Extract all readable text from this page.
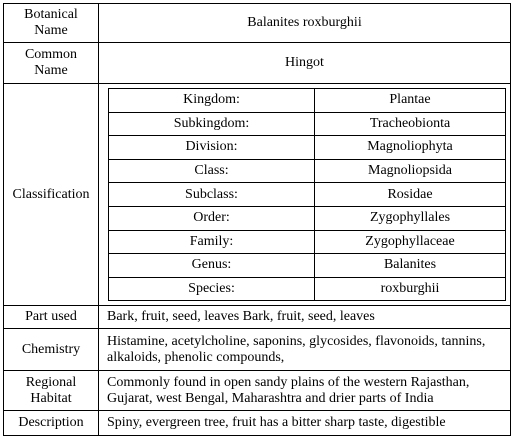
Botanical
Name	Balanites roxburghii
Common
Name	Hingot
Classification	
Kingdom:	Plantae
Subkingdom:	Tracheobionta
Division:	Magnoliophyta
Class:	Magnoliopsida
Subclass:	Rosidae
Order:	Zygophyllales
Family:	Zygophyllaceae
Genus:	Balanites
Species:	roxburghii

Part used	Bark, fruit, seed, leaves Bark, fruit, seed, leaves
Chemistry	Histamine, acetylcholine, saponins, glycosides, flavonoids, tannins,
alkaloids, phenolic compounds,
Regional
Habitat	Commonly found in open sandy plains of the western Rajasthan,
Gujarat, west Bengal, Maharashtra and drier parts of India
Description	Spiny, evergreen tree, fruit has a bitter sharp taste, digestible
